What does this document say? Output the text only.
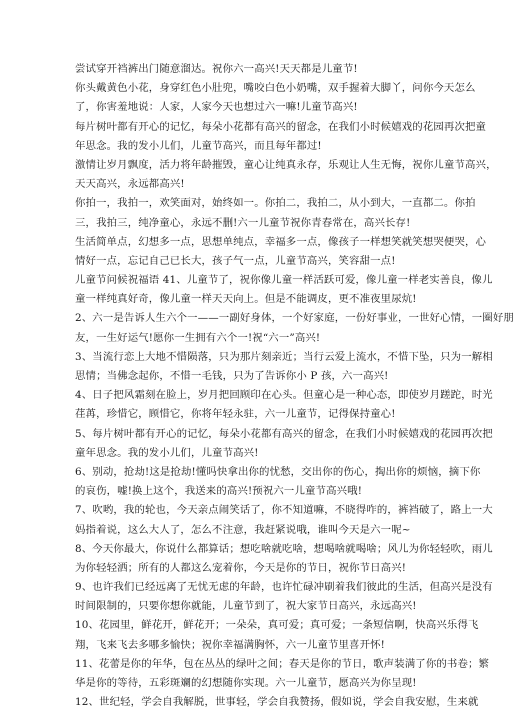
尝试穿开裆裤出门随意溜达。祝你六一高兴!天天都是儿童节!
你头戴黄色小花，身穿红色小肚兜，嘴咬白色小奶嘴，双手握着大脚丫，问你今天怎么
了，你害羞地说：人家，人家今天也想过六一嘛!儿童节高兴!
每片树叶都有开心的记忆，每朵小花都有高兴的留念，在我们小时候嬉戏的花园再次把童
年思念。我的发小儿们，儿童节高兴，而且每年都过!
激情让岁月飘度，活力将年龄摧毁，童心让纯真永存，乐观让人生无悔，祝你儿童节高兴，
天天高兴，永远都高兴!
你拍一，我拍一，欢笑面对，始终如一。你拍二，我拍二，从小到大，一直都二。你拍
三，我拍三，纯净童心，永远不删!六一儿童节祝你青春常在，高兴长存!
生活简单点，幻想多一点，思想单纯点，幸福多一点，像孩子一样想笑就笑想哭便哭，心
情好一点，忘记自己已长大，孩子气一点，儿童节高兴，笑容甜一点!
儿童节问候祝福语 41、儿童节了，祝你像儿童一样活跃可爱，像儿童一样老实善良，像儿
童一样纯真好奇，像儿童一样天天向上。但是不能调皮，更不准夜里尿炕!
2、六一是告诉人生六个一——一副好身体，一个好家庭，一份好事业，一世好心情，一圈好朋
友，一生好运气!愿你一生拥有六个一!祝“六一”高兴!
3、当流行恋上大地不惜陨落，只为那片刻亲近；当行云爱上流水，不惜下坠，只为一解相
思情；当佛念起你，不惜一毛钱，只为了告诉你小 P 孩，六一高兴!
4、日子把风霜刻在脸上，岁月把回顾印在心头。但童心是一种心态，即使岁月蹉跎，时光
荏苒，珍惜它，顾惜它，你将年轻永驻，六一儿童节，记得保持童心!
5、每片树叶都有开心的记忆，每朵小花都有高兴的留念，在我们小时候嬉戏的花园再次把
童年思念。我的发小儿们，儿童节高兴!
6、别动，抢劫!这是抢劫!懂吗快拿出你的忧愁，交出你的伤心，掏出你的烦恼，摘下你
的哀伤，嘘!换上这个，我送来的高兴!预祝六一儿童节高兴哦!
7、吹哟，我的轮也，今天亲点闹笑话了，你不知道嘛，不晓得咋的，裤裆破了，路上一大
妈指着说，这么大人了，怎么不注意，我赶紧说哦，谁叫今天是六一呢~
8、今天你最大，你说什么都算话；想吃啥就吃啥，想喝啥就喝啥；风儿为你轻轻吹，雨儿
为你轻轻洒；所有的人都这么宠着你，今天是你的节日，祝你节日高兴!
9、也许我们已经远离了无忧无虑的年龄，也许忙碌冲刷着我们彼此的生活，但高兴是没有
时间限制的，只要你想你就能，儿童节到了，祝大家节日高兴，永远高兴!
10、花园里，鲜花开，鲜花开；一朵朵，真可爱；真可爱；一条短信啊，快高兴乐得飞
翔，飞来飞去多哪多愉快；祝你幸福满胸怀，六一儿童节里喜开怀!
11、花蕾是你的年华，包在丛丛的绿叶之间；春天是你的节日，歌声装满了你的书卷；繁
华是你的等待，五彩斑斓的幻想随你实现。六一儿童节，愿高兴为你呈现!
12、世纪轻，学会自我解脱，世事轻，学会自我赞扬，假如说，学会自我安慰，生来就
